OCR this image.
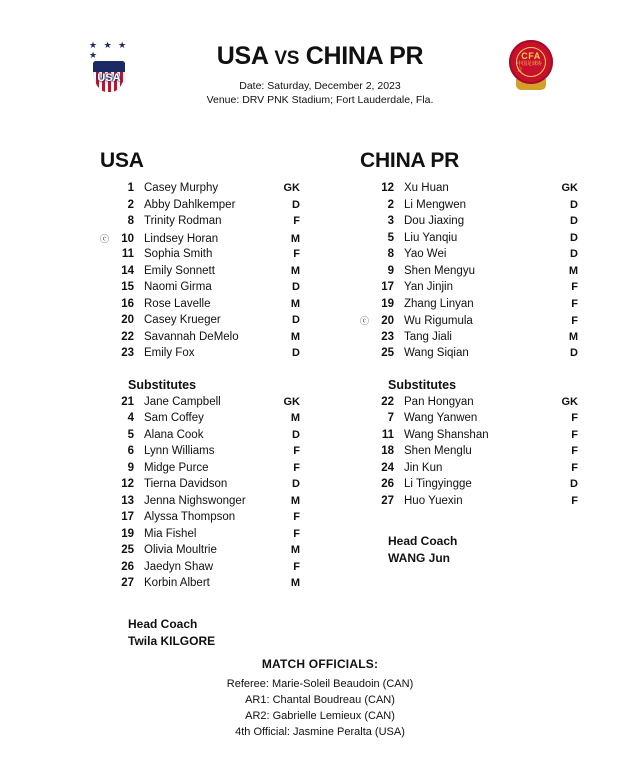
★ ★ ★ ★
USA
USA VS CHINA PR
Date: Saturday, December 2, 2023
Venue: DRV PNK Stadium; Fort Lauderdale, Fla.
CFA
中国足球协会
USA
1 Casey Murphy	GK
2 Abby Dahlkemper	D
8 Trinity Rodman	F
ⓒ	10 Lindsey Horan	M
11 Sophia Smith	F
14 Emily Sonnett	M
15 Naomi Girma	D
16 Rose Lavelle	M
20 Casey Krueger	D
22 Savannah DeMelo	M
23 Emily Fox	D
Substitutes
21 Jane Campbell	GK
4 Sam Coffey	M
5 Alana Cook	D
6 Lynn Williams	F
9 Midge Purce	F
12 Tierna Davidson	D
13 Jenna Nighswonger	M
17 Alyssa Thompson	F
19 Mia Fishel	F
25 Olivia Moultrie	M
26 Jaedyn Shaw	F
27 Korbin Albert	M
Head Coach
Twila KILGORE
CHINA PR
12 Xu Huan	GK
2 Li Mengwen	D
3 Dou Jiaxing	D
5 Liu Yanqiu	D
8 Yao Wei	D
9 Shen Mengyu	M
17 Yan Jinjin	F
19 Zhang Linyan	F
ⓒ	20 Wu Rigumula	F
23 Tang Jiali	M
25 Wang Siqian	D
Substitutes
22 Pan Hongyan	GK
7 Wang Yanwen	F
11 Wang Shanshan	F
18 Shen Menglu	F
24 Jin Kun	F
26 Li Tingyingge	D
27 Huo Yuexin	F
Head Coach
WANG Jun
MATCH OFFICIALS:
Referee: Marie-Soleil Beaudoin (CAN)
AR1: Chantal Boudreau (CAN)
AR2: Gabrielle Lemieux (CAN)
4th Official: Jasmine Peralta (USA)
